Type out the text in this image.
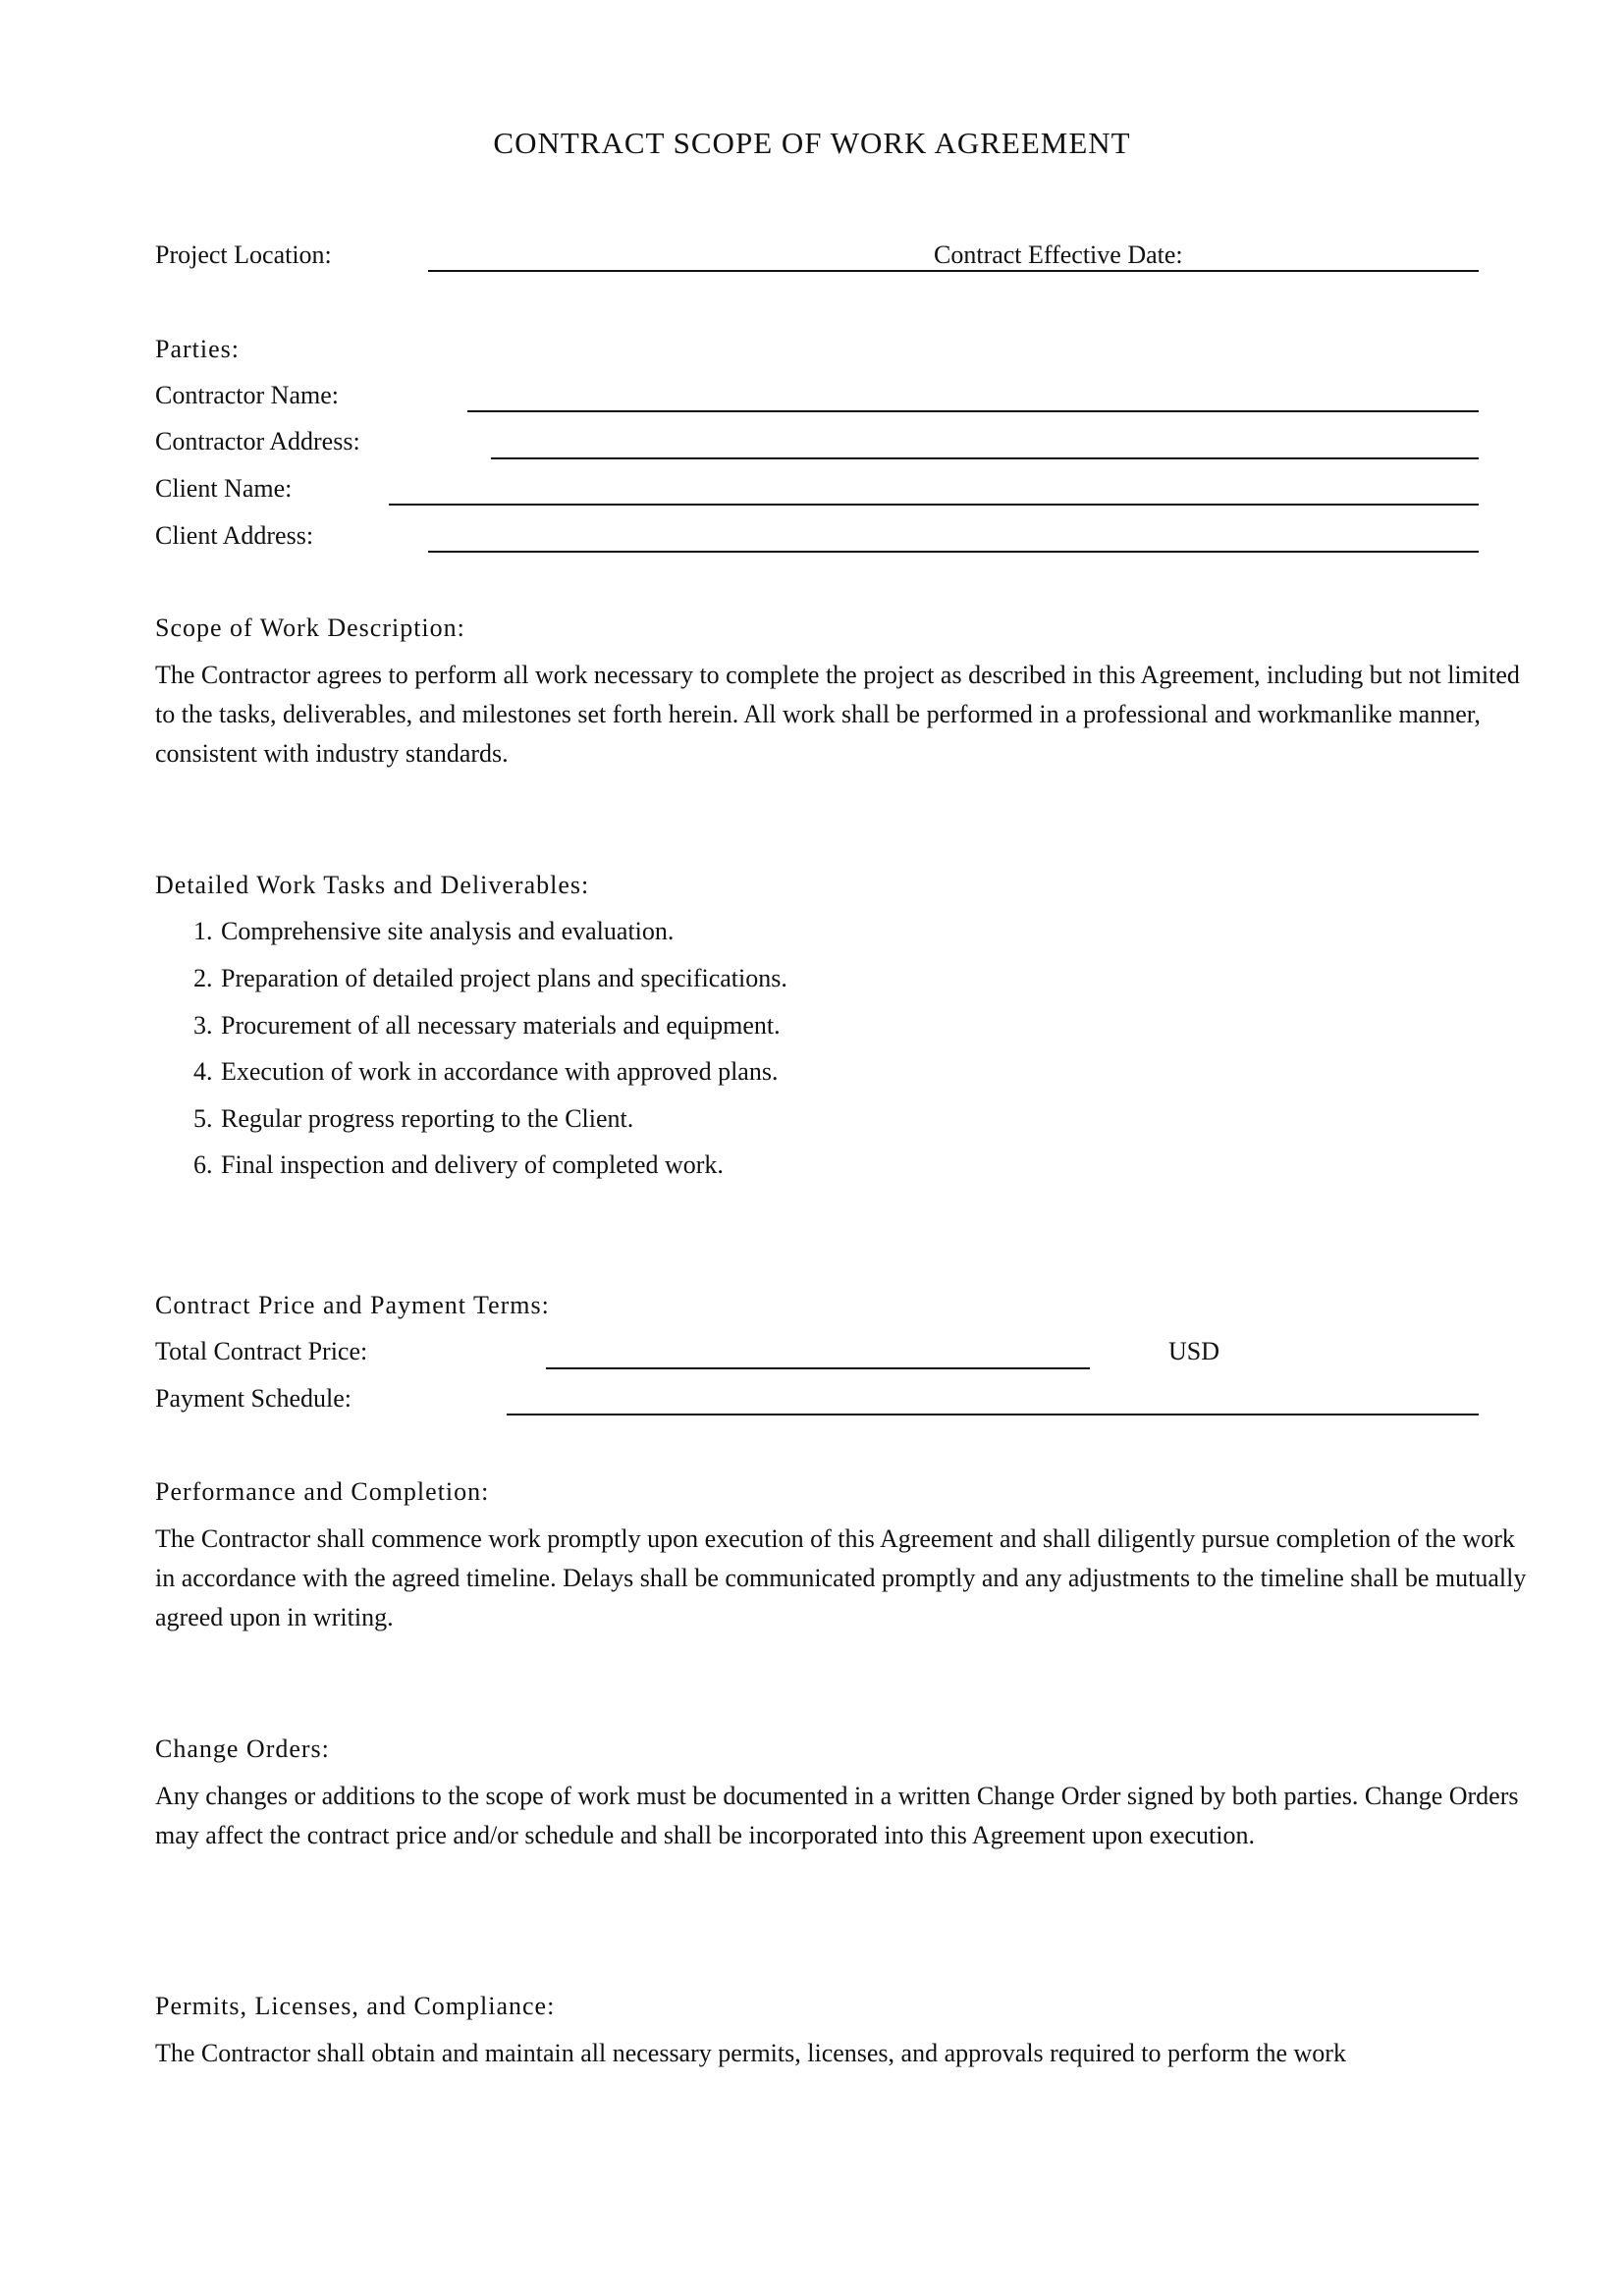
CONTRACT SCOPE OF WORK AGREEMENT
Project Location:	Contract Effective Date:
Parties:
Contractor Name:
Contractor Address:
Client Name:
Client Address:
Scope of Work Description:
The Contractor agrees to perform all work necessary to complete the project as described in this Agreement, including but not limited to the tasks, deliverables, and milestones set forth herein. All work shall be performed in a professional and workmanlike manner, consistent with industry standards.
Detailed Work Tasks and Deliverables:
1. Comprehensive site analysis and evaluation.
2. Preparation of detailed project plans and specifications.
3. Procurement of all necessary materials and equipment.
4. Execution of work in accordance with approved plans.
5. Regular progress reporting to the Client.
6. Final inspection and delivery of completed work.
Contract Price and Payment Terms:
Total Contract Price:	USD
Payment Schedule:
Performance and Completion:
The Contractor shall commence work promptly upon execution of this Agreement and shall diligently pursue completion of the work in accordance with the agreed timeline. Delays shall be communicated promptly and any adjustments to the timeline shall be mutually agreed upon in writing.
Change Orders:
Any changes or additions to the scope of work must be documented in a written Change Order signed by both parties. Change Orders may affect the contract price and/or schedule and shall be incorporated into this Agreement upon execution.
Permits, Licenses, and Compliance:
The Contractor shall obtain and maintain all necessary permits, licenses, and approvals required to perform the work
